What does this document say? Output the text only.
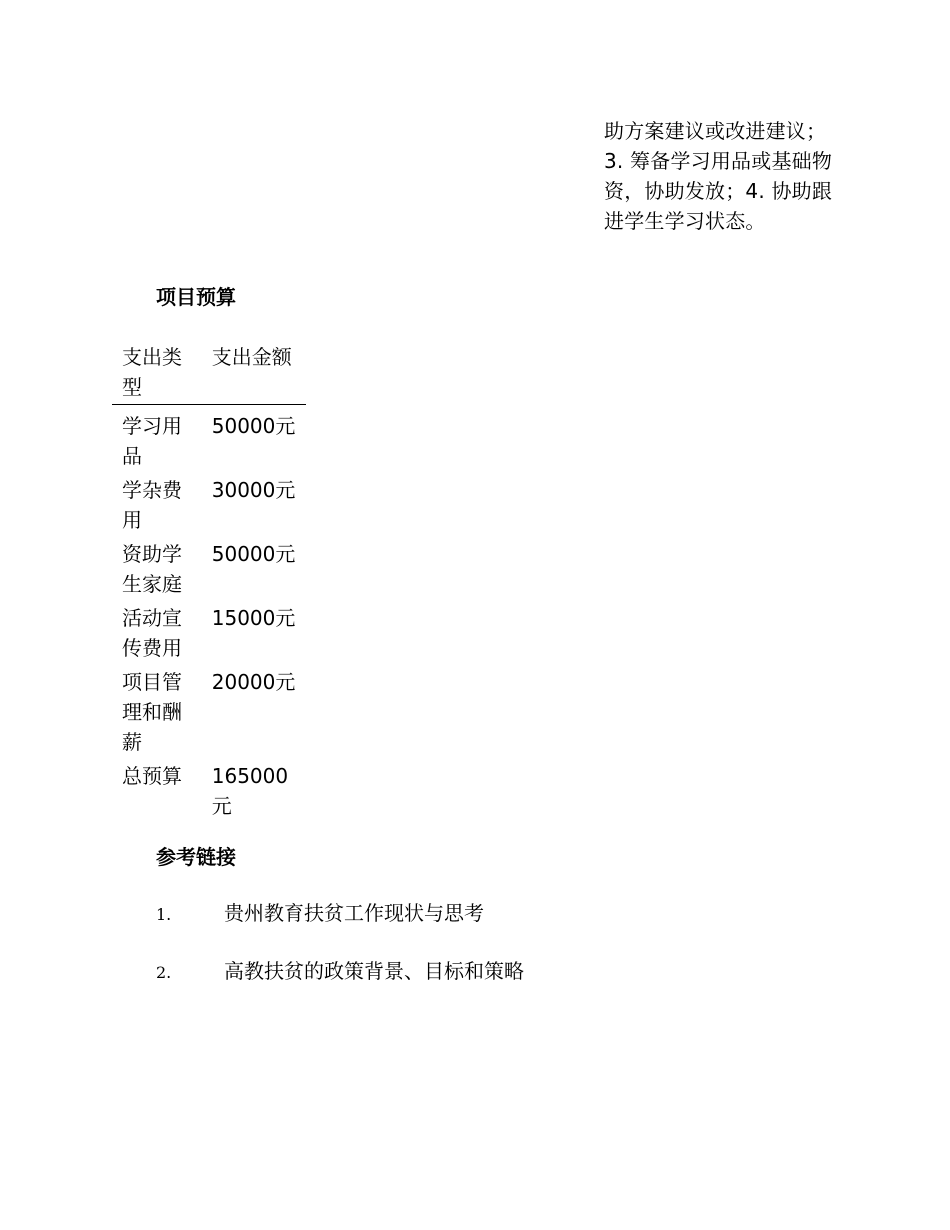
助方案建议或改进建议；3. 筹备学习用品或基础物资，协助发放；4. 协助跟进学生学习状态。
项目预算
支出类型	支出金额
学习用品	50000元
学杂费用	30000元
资助学生家庭	50000元
活动宣传费用	15000元
项目管理和酬薪	20000元
总预算	165000元
参考链接
1.	贵州教育扶贫工作现状与思考
2.	高教扶贫的政策背景、目标和策略
